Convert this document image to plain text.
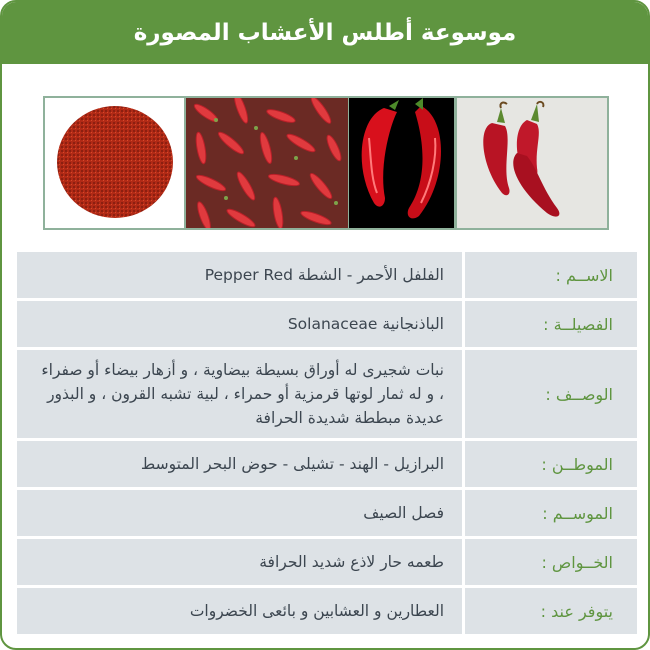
موسوعة أطلس الأعشاب المصورة
الاســم :
الفلفل الأحمر - الشطة Pepper Red
الفصيلــة :
الباذنجانية Solanaceae
الوصــف :
نبات شجيرى له أوراق بسيطة بيضاوية ، و أزهار بيضاء أو صفراء ، و له ثمار لوتها قرمزية أو حمراء ، لبية تشبه القرون ، و البذور عديدة مبططة شديدة الحرافة
الموطــن :
البرازيل - الهند - تشيلى - حوض البحر المتوسط
الموســم :
فصل الصيف
الخــواص :
طعمه حار لاذع شديد الحرافة
يتوفر عند :
العطارين و العشابين و بائعى الخضروات
